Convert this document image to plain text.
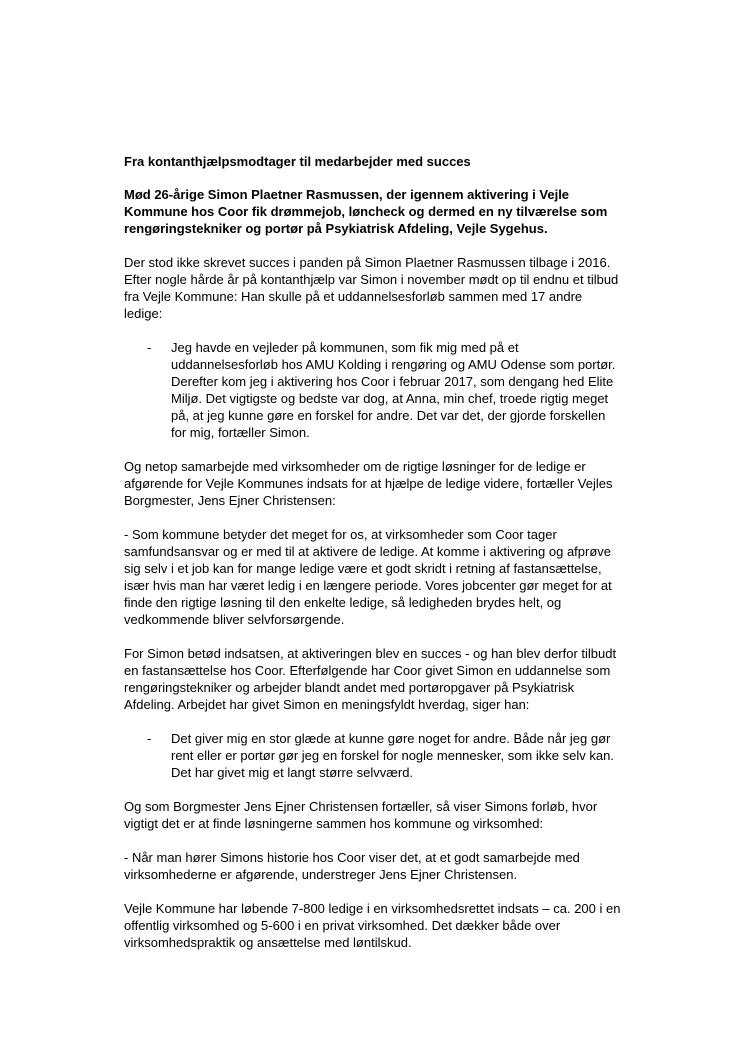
Fra kontanthjælpsmodtager til medarbejder med succes
Mød 26-årige Simon Plaetner Rasmussen, der igennem aktivering i Vejle Kommune hos Coor fik drømmejob, løncheck og dermed en ny tilværelse som rengøringstekniker og portør på Psykiatrisk Afdeling, Vejle Sygehus.

Der stod ikke skrevet succes i panden på Simon Plaetner Rasmussen tilbage i 2016. Efter nogle hårde år på kontanthjælp var Simon i november mødt op til endnu et tilbud fra Vejle Kommune: Han skulle på et uddannelsesforløb sammen med 17 andre ledige:

- Jeg havde en vejleder på kommunen, som fik mig med på et uddannelsesforløb hos AMU Kolding i rengøring og AMU Odense som portør. Derefter kom jeg i aktivering hos Coor i februar 2017, som dengang hed Elite Miljø. Det vigtigste og bedste var dog, at Anna, min chef, troede rigtig meget på, at jeg kunne gøre en forskel for andre. Det var det, der gjorde forskellen for mig, fortæller Simon.

Og netop samarbejde med virksomheder om de rigtige løsninger for de ledige er afgørende for Vejle Kommunes indsats for at hjælpe de ledige videre, fortæller Vejles Borgmester, Jens Ejner Christensen:

- Som kommune betyder det meget for os, at virksomheder som Coor tager samfundsansvar og er med til at aktivere de ledige. At komme i aktivering og afprøve sig selv i et job kan for mange ledige være et godt skridt i retning af fastansættelse, især hvis man har været ledig i en længere periode. Vores jobcenter gør meget for at finde den rigtige løsning til den enkelte ledige, så ledigheden brydes helt, og vedkommende bliver selvforsørgende.

For Simon betød indsatsen, at aktiveringen blev en succes - og han blev derfor tilbudt en fastansættelse hos Coor. Efterfølgende har Coor givet Simon en uddannelse som rengøringstekniker og arbejder blandt andet med portøropgaver på Psykiatrisk Afdeling. Arbejdet har givet Simon en meningsfyldt hverdag, siger han:

- Det giver mig en stor glæde at kunne gøre noget for andre. Både når jeg gør rent eller er portør gør jeg en forskel for nogle mennesker, som ikke selv kan. Det har givet mig et langt større selvværd.

Og som Borgmester Jens Ejner Christensen fortæller, så viser Simons forløb, hvor vigtigt det er at finde løsningerne sammen hos kommune og virksomhed:

- Når man hører Simons historie hos Coor viser det, at et godt samarbejde med virksomhederne er afgørende, understreger Jens Ejner Christensen.

Vejle Kommune har løbende 7-800 ledige i en virksomhedsrettet indsats – ca. 200 i en offentlig virksomhed og 5-600 i en privat virksomhed. Det dækker både over virksomhedspraktik og ansættelse med løntilskud.
